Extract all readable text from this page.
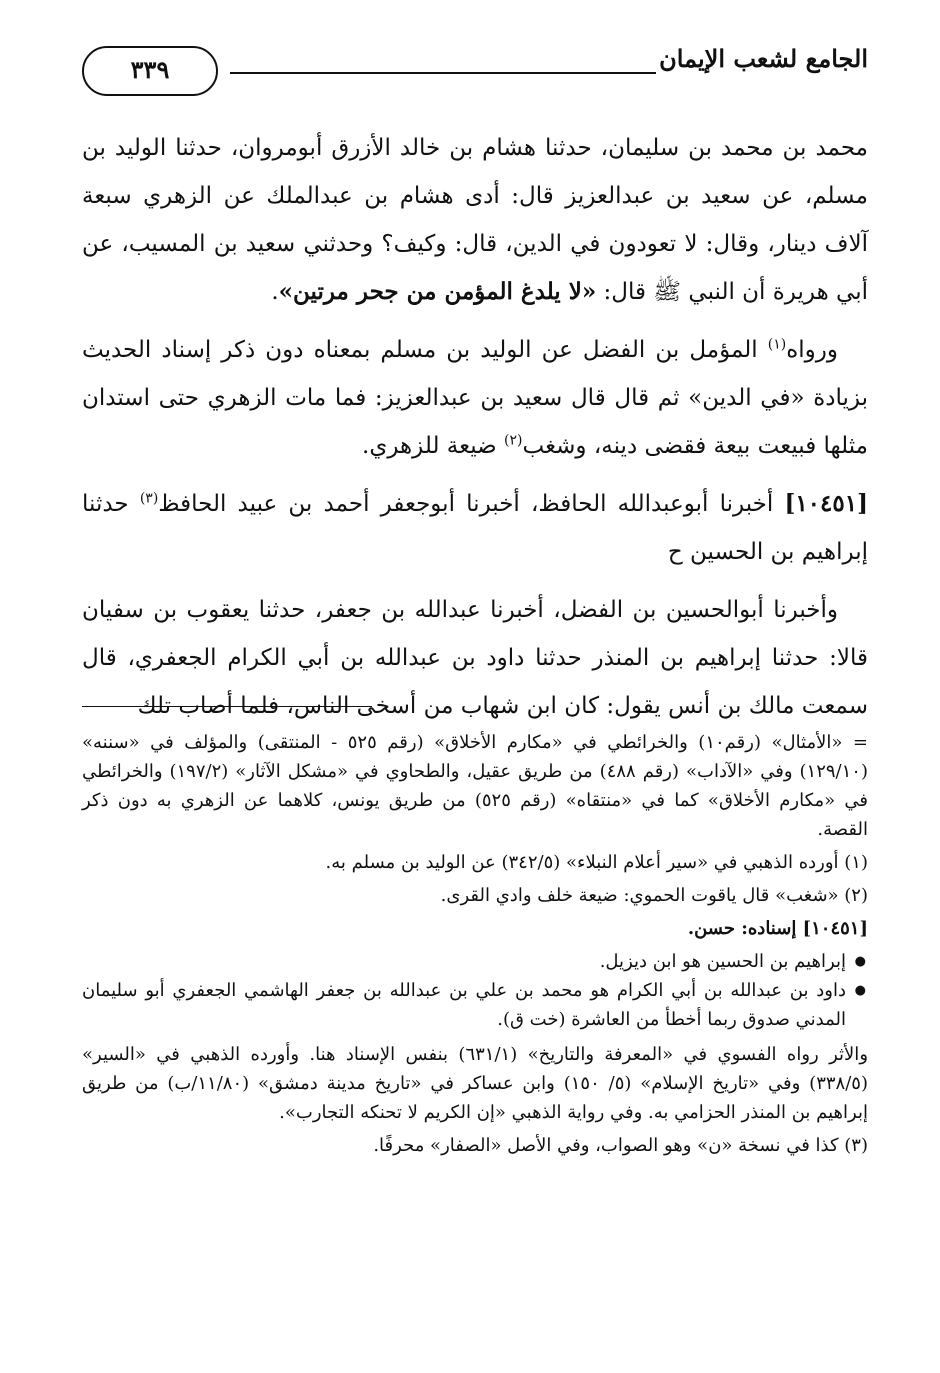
الجامع لشعب الإيمان
٣٣٩

محمد بن محمد بن سليمان، حدثنا هشام بن خالد الأزرق أبومروان، حدثنا الوليد بن مسلم، عن سعيد بن عبدالعزيز قال: أدى هشام بن عبدالملك عن الزهري سبعة آلاف دينار، وقال: لا تعودون في الدين، قال: وكيف؟ وحدثني سعيد بن المسيب، عن أبي هريرة أن النبي ﷺ قال: «لا يلدغ المؤمن من جحر مرتين».

ورواه$^{(١)}$ المؤمل بن الفضل عن الوليد بن مسلم بمعناه دون ذكر إسناد الحديث بزيادة «في الدين» ثم قال قال سعيد بن عبدالعزيز: فما مات الزهري حتى استدان مثلها فبيعت بيعة فقضى دينه، وشغب$^{(٢)}$ ضيعة للزهري.

[١٠٤٥١] أخبرنا أبوعبدالله الحافظ، أخبرنا أبوجعفر أحمد بن عبيد الحافظ$^{(٣)}$ حدثنا إبراهيم بن الحسين ح

وأخبرنا أبوالحسين بن الفضل، أخبرنا عبدالله بن جعفر، حدثنا يعقوب بن سفيان قالا: حدثنا إبراهيم بن المنذر حدثنا داود بن عبدالله بن أبي الكرام الجعفري، قال سمعت مالك بن أنس يقول: كان ابن شهاب من أسخى الناس، فلما أصاب تلك

= «الأمثال» (رقم١٠) والخرائطي في «مكارم الأخلاق» (رقم ٥٢٥ - المنتقى) والمؤلف في «سننه» (١٢٩/١٠) وفي «الآداب» (رقم ٤٨٨) من طريق عقيل، والطحاوي في «مشكل الآثار» (١٩٧/٢) والخرائطي في «مكارم الأخلاق» كما في «منتقاه» (رقم ٥٢٥) من طريق يونس، كلاهما عن الزهري به دون ذكر القصة.

(١) أورده الذهبي في «سير أعلام النبلاء» (٣٤٢/٥) عن الوليد بن مسلم به.

(٢) «شغب» قال ياقوت الحموي: ضيعة خلف وادي القرى.

[١٠٤٥١] إسناده: حسن.

● إبراهيم بن الحسين هو ابن ديزيل.
● داود بن عبدالله بن أبي الكرام هو محمد بن علي بن عبدالله بن جعفر الهاشمي الجعفري أبو سليمان المدني صدوق ربما أخطأ من العاشرة (خت ق).

والأثر رواه الفسوي في «المعرفة والتاريخ» (٦٣١/١) بنفس الإسناد هنا. وأورده الذهبي في «السير» (٣٣٨/٥) وفي «تاريخ الإسلام» (٥/ ١٥٠) وابن عساكر في «تاريخ مدينة دمشق» (١١/٨٠/ب) من طريق إبراهيم بن المنذر الحزامي به. وفي رواية الذهبي «إن الكريم لا تحنكه التجارب».

(٣) كذا في نسخة «ن» وهو الصواب، وفي الأصل «الصفار» محرفًا.
